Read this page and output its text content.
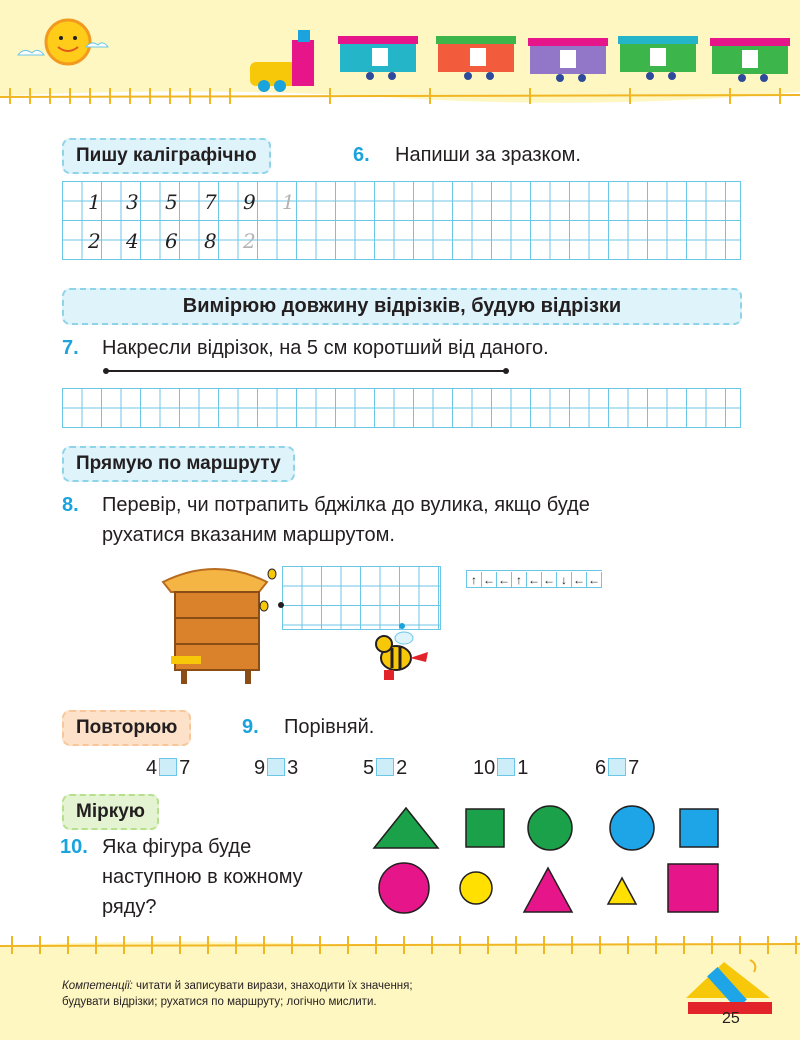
Пишу каліграфічно	6. Напиши за зразком.
1 3 5 7 9 1
2 4 6 8 2
Вимірюю довжину відрізків, будую відрізки
7. Накресли відрізок, на 5 см коротший від даного.
Прямую по маршруту
8. Перевір, чи потрапить бджілка до вулика, якщо буде
рухатися вказаним маршрутом.
↑ ← ← ↑ ← ← ↓ ← ←
Повторюю	9. Порівняй.
4 7	9 3	5 2	10 1	6 7
Міркую
10. Яка фігура буде
наступною в кожному
ряду?
Компетенції: читати й записувати вирази, знаходити їх значення;
будувати відрізки; рухатися по маршруту; логічно мислити.
25
